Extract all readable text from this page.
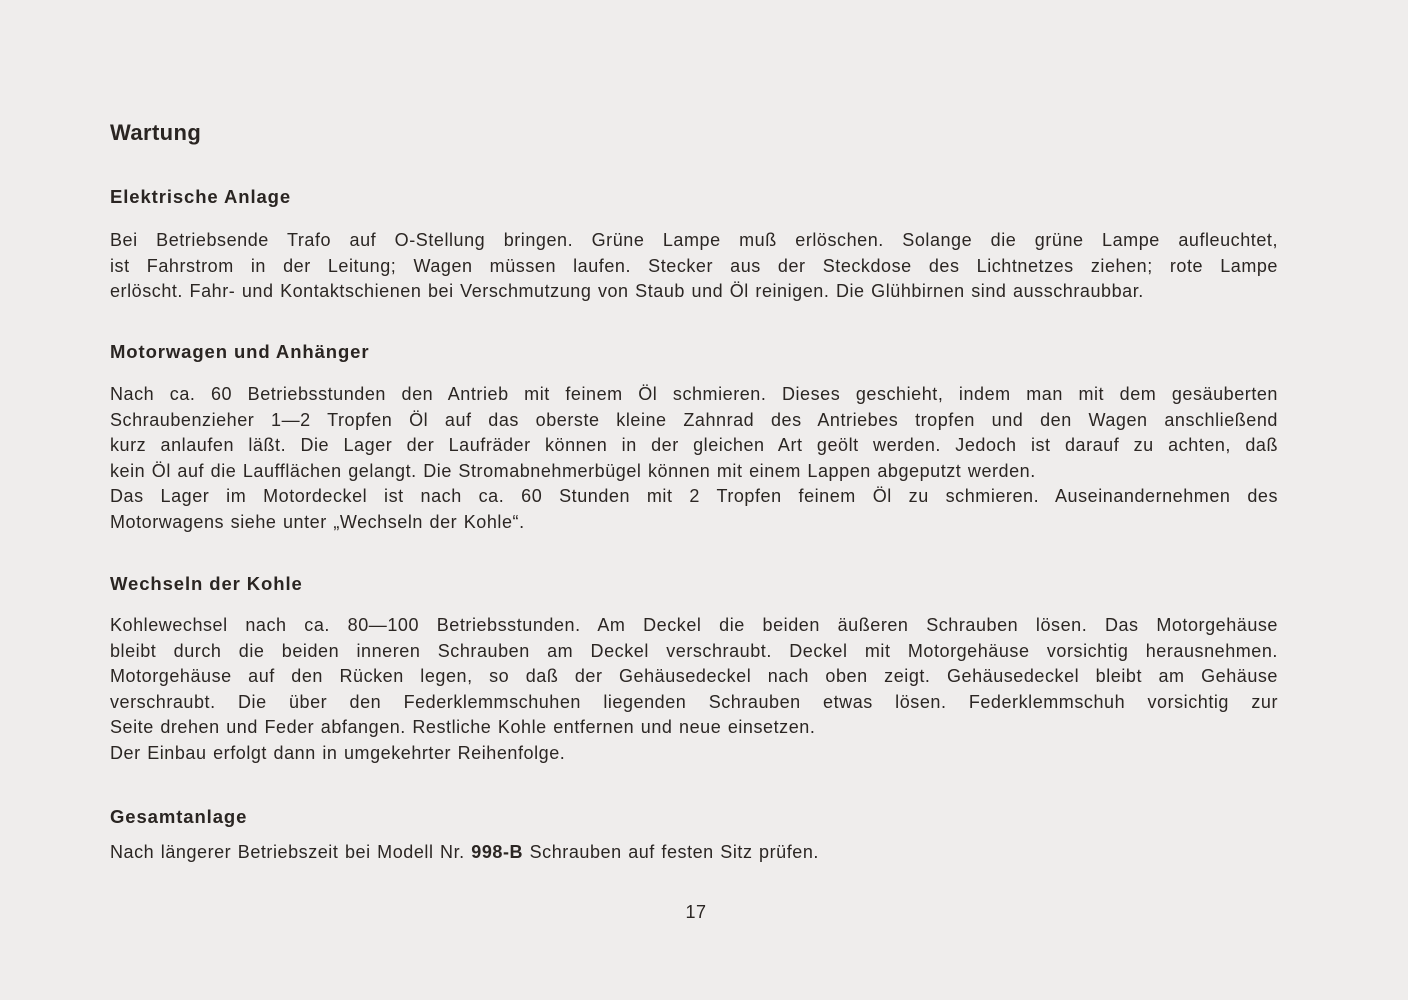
Wartung
Elektrische Anlage

Bei Betriebsende Trafo auf O-Stellung bringen. Grüne Lampe muß erlöschen. Solange die grüne Lampe aufleuchtet,
ist Fahrstrom in der Leitung; Wagen müssen laufen. Stecker aus der Steckdose des Lichtnetzes ziehen; rote Lampe
erlöscht. Fahr- und Kontaktschienen bei Verschmutzung von Staub und Öl reinigen. Die Glühbirnen sind ausschraubbar.

Motorwagen und Anhänger

Nach ca. 60 Betriebsstunden den Antrieb mit feinem Öl schmieren. Dieses geschieht, indem man mit dem gesäuberten
Schraubenzieher 1—2 Tropfen Öl auf das oberste kleine Zahnrad des Antriebes tropfen und den Wagen anschließend
kurz anlaufen läßt. Die Lager der Laufräder können in der gleichen Art geölt werden. Jedoch ist darauf zu achten, daß
kein Öl auf die Laufflächen gelangt. Die Stromabnehmerbügel können mit einem Lappen abgeputzt werden.
Das Lager im Motordeckel ist nach ca. 60 Stunden mit 2 Tropfen feinem Öl zu schmieren. Auseinandernehmen des
Motorwagens siehe unter „Wechseln der Kohle“.

Wechseln der Kohle

Kohlewechsel nach ca. 80—100 Betriebsstunden. Am Deckel die beiden äußeren Schrauben lösen. Das Motorgehäuse
bleibt durch die beiden inneren Schrauben am Deckel verschraubt. Deckel mit Motorgehäuse vorsichtig herausnehmen.
Motorgehäuse auf den Rücken legen, so daß der Gehäusedeckel nach oben zeigt. Gehäusedeckel bleibt am Gehäuse
verschraubt. Die über den Federklemmschuhen liegenden Schrauben etwas lösen. Federklemmschuh vorsichtig zur
Seite drehen und Feder abfangen. Restliche Kohle entfernen und neue einsetzen.
Der Einbau erfolgt dann in umgekehrter Reihenfolge.

Gesamtanlage

Nach längerer Betriebszeit bei Modell Nr. 998-B Schrauben auf festen Sitz prüfen.

17
